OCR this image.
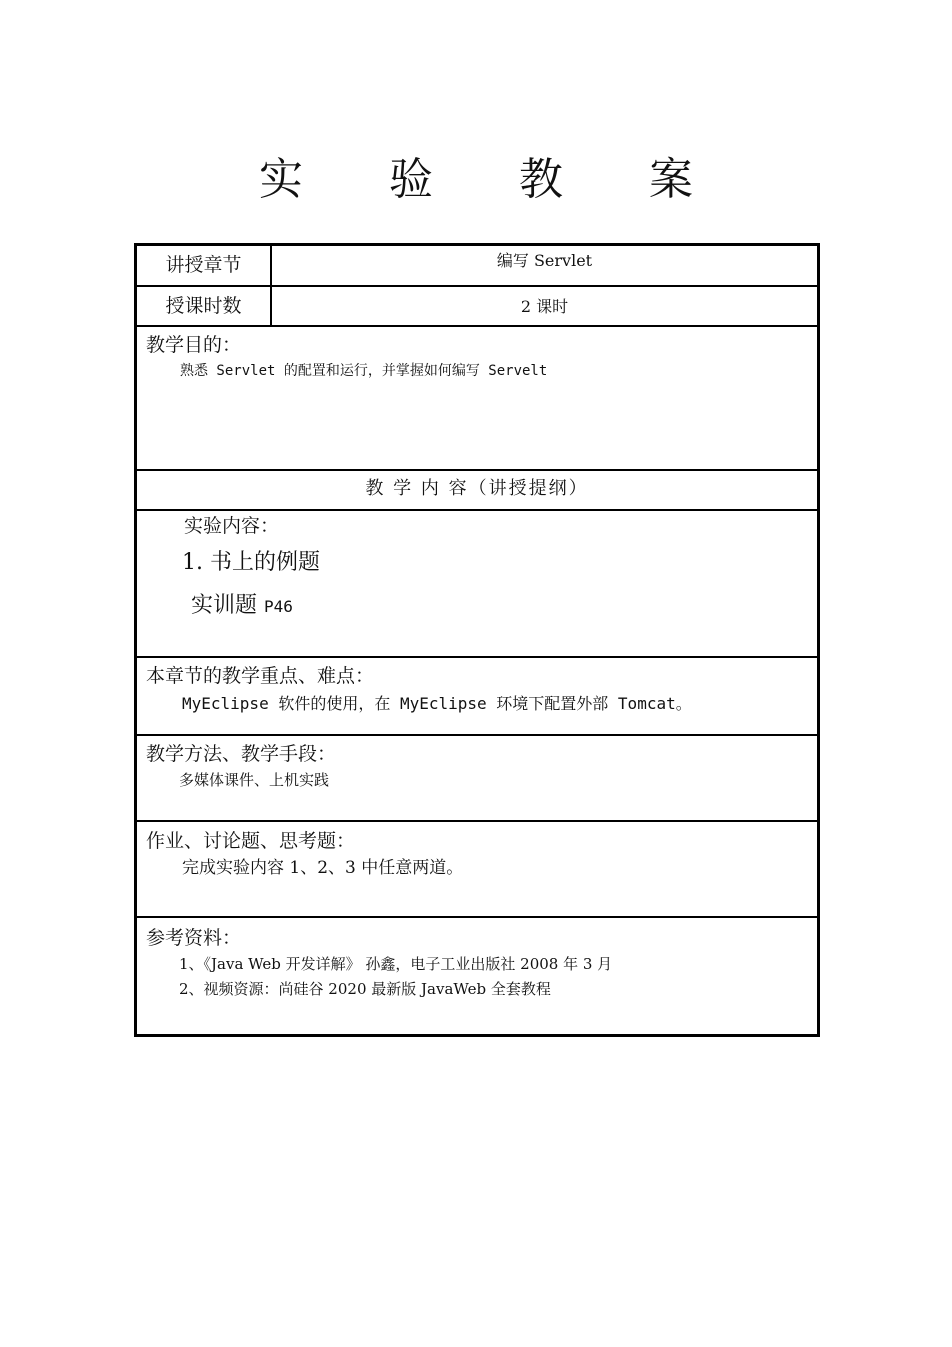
实 验 教 案
讲授章节	编写 Servlet
授课时数	2 课时
教学目的：
熟悉 Servlet 的配置和运行，并掌握如何编写 Servelt
教 学 内 容（讲授提纲）
实验内容：
1. 书上的例题
实训题 P46
本章节的教学重点、难点：
MyEclipse 软件的使用，在 MyEclipse 环境下配置外部 Tomcat。
教学方法、教学手段：
多媒体课件、上机实践
作业、讨论题、思考题：
完成实验内容 1、2、3 中任意两道。
参考资料：
1、《Java Web 开发详解》 孙鑫，电子工业出版社 2008 年 3 月
2、视频资源：尚硅谷 2020 最新版 JavaWeb 全套教程
